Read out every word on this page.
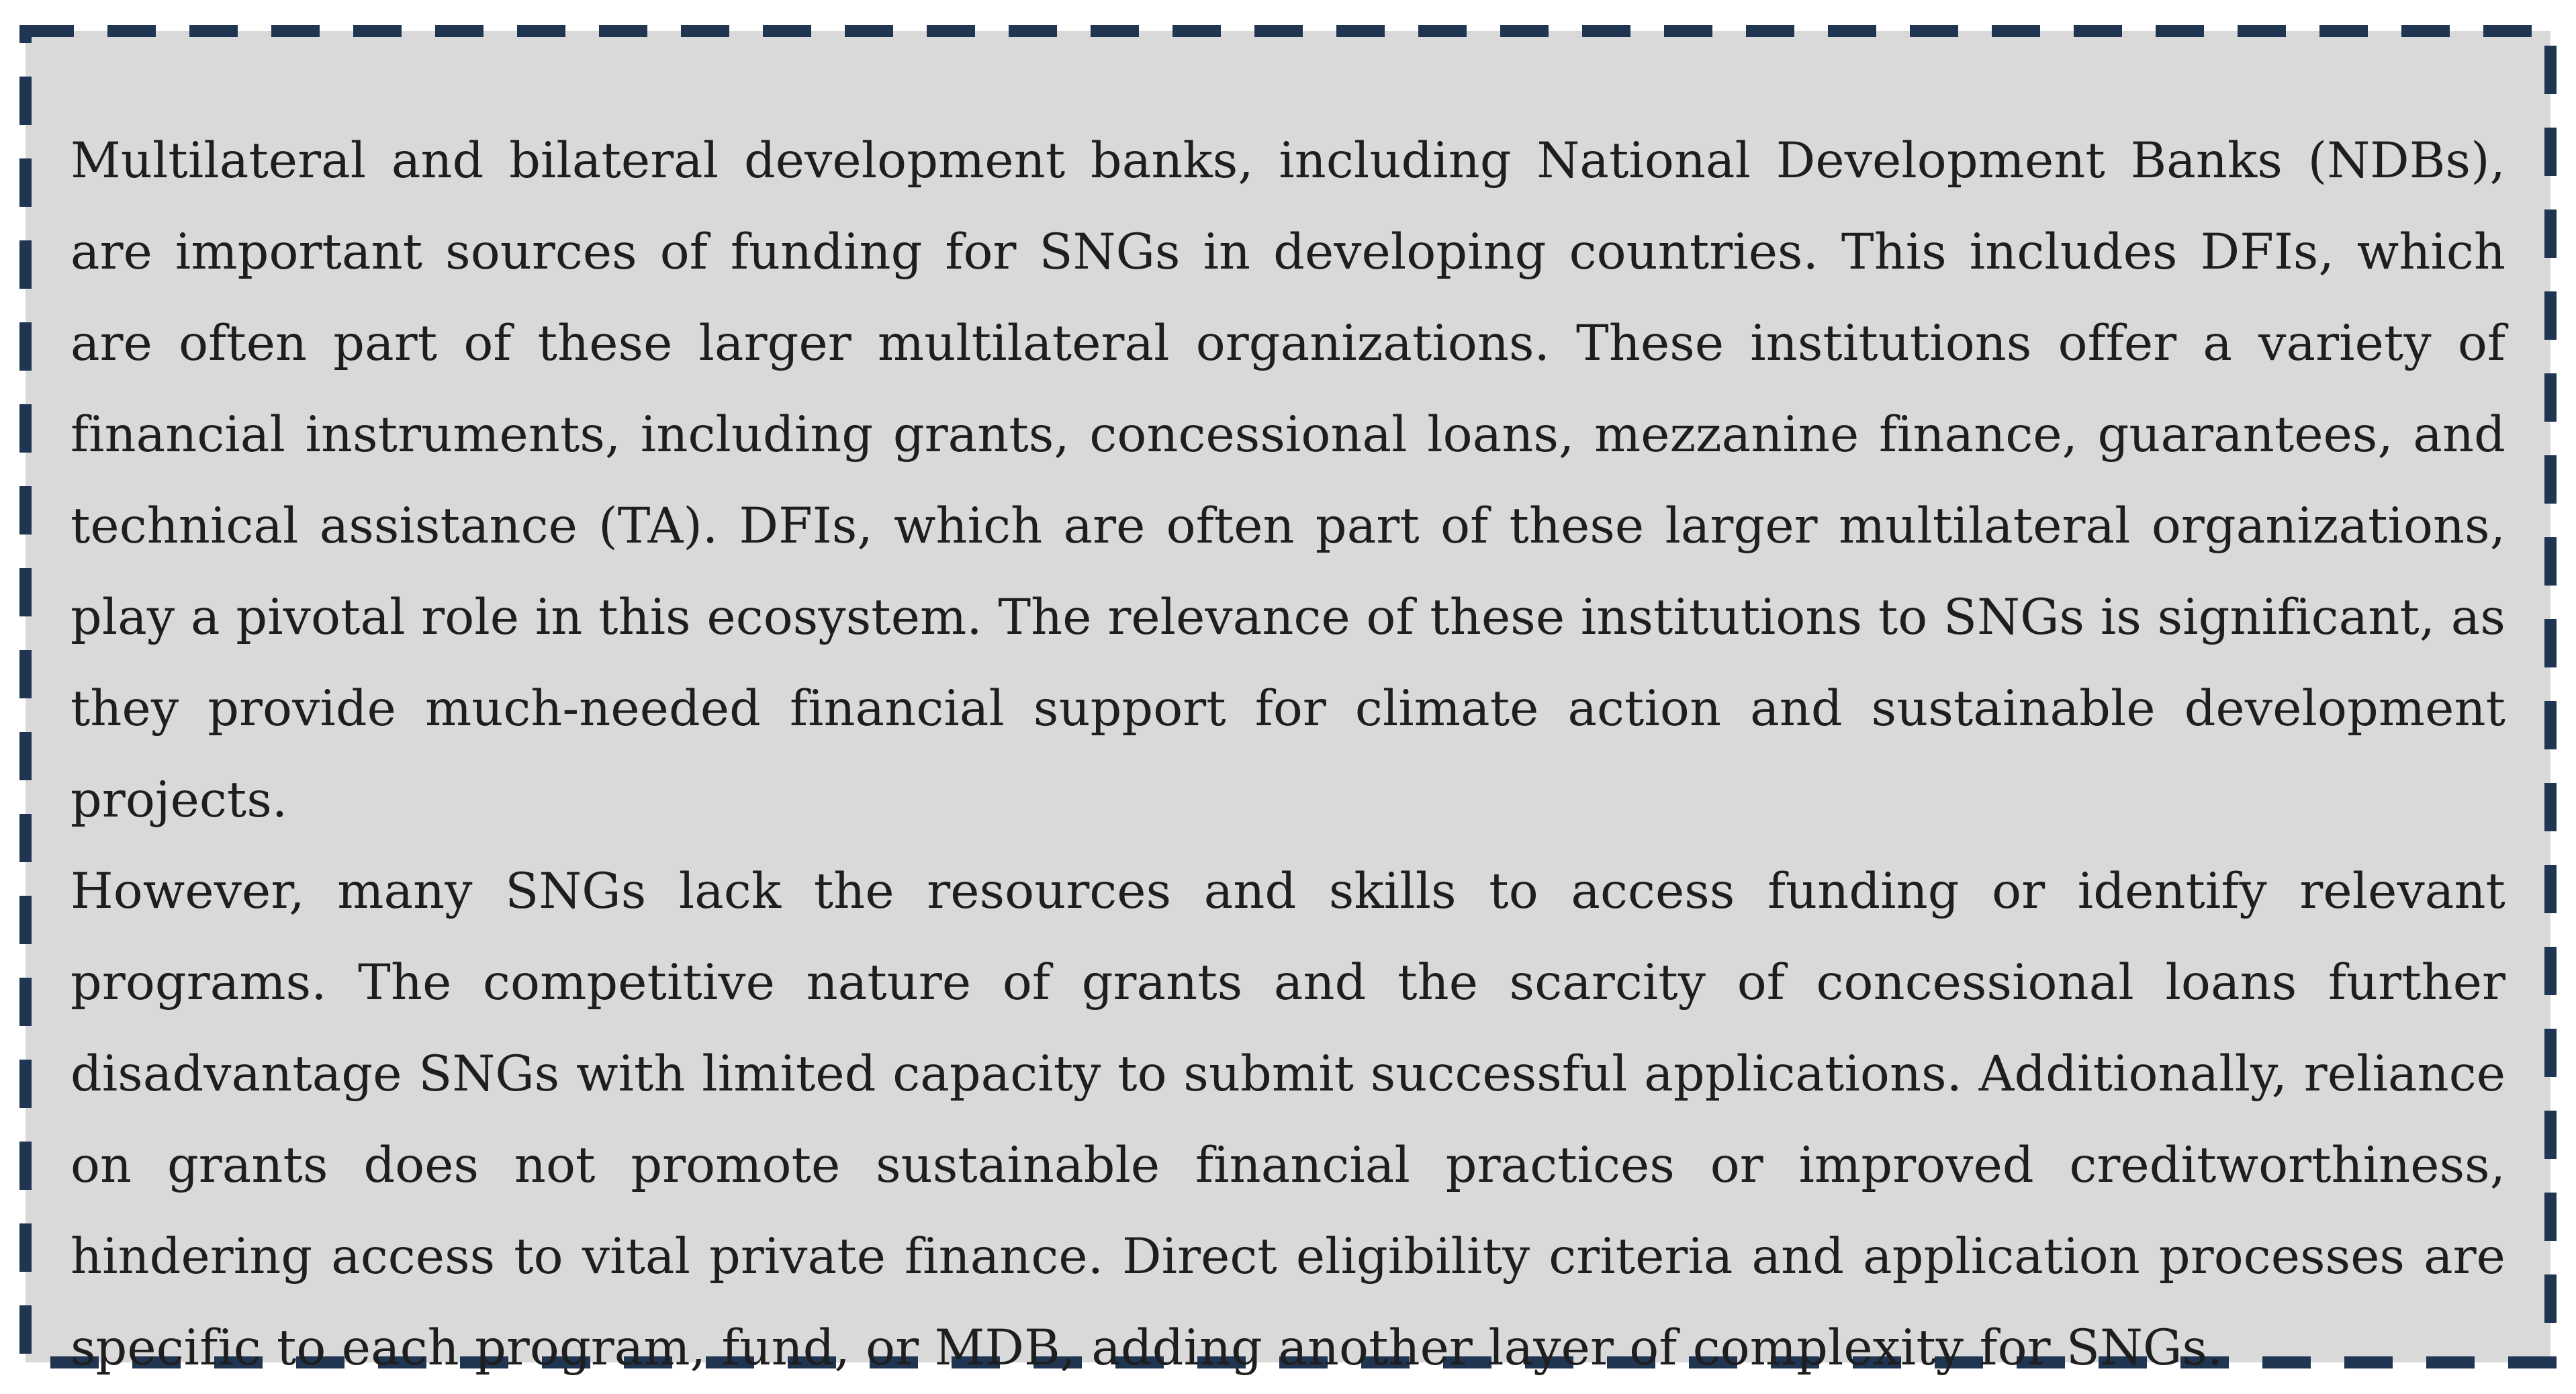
Multilateral and bilateral development banks, including National Development Banks (NDBs), are important sources of funding for SNGs in developing countries. This includes DFIs, which are often part of these larger multilateral organizations. These institutions offer a variety of financial instruments, including grants, concessional loans, mezzanine finance, guarantees, and technical assistance (TA). DFIs, which are often part of these larger multilateral organizations, play a pivotal role in this ecosystem. The relevance of these institutions to SNGs is significant, as they provide much-needed financial support for climate action and sustainable development projects.

However, many SNGs lack the resources and skills to access funding or identify relevant programs. The competitive nature of grants and the scarcity of concessional loans further disadvantage SNGs with limited capacity to submit successful applications. Additionally, reliance on grants does not promote sustainable financial practices or improved creditworthiness, hindering access to vital private finance. Direct eligibility criteria and application processes are specific to each program, fund, or MDB, adding another layer of complexity for SNGs.
